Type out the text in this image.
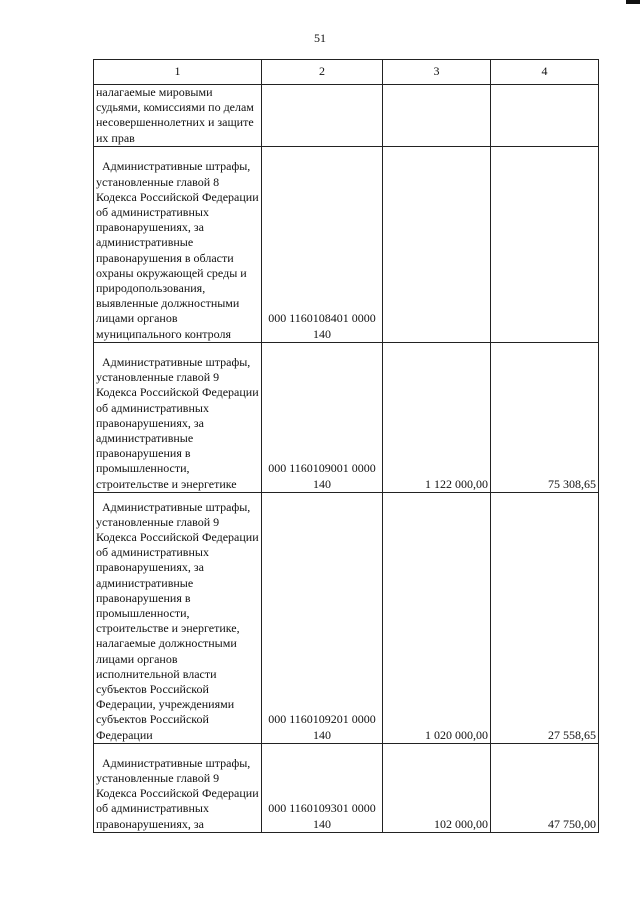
51
1	2	3	4
налагаемые мировыми судьями, комиссиями по делам несовершеннолетних и защите их прав			
Административные штрафы, установленные главой 8 Кодекса Российской Федерации об административных правонарушениях, за административные правонарушения в области охраны окружающей среды и природопользования, выявленные должностными лицами органов муниципального контроля	000 1160108401 0000 140		
Административные штрафы, установленные главой 9 Кодекса Российской Федерации об административных правонарушениях, за административные правонарушения в промышленности, строительстве и энергетике	000 1160109001 0000 140	1 122 000,00	75 308,65
Административные штрафы, установленные главой 9 Кодекса Российской Федерации об административных правонарушениях, за административные правонарушения в промышленности, строительстве и энергетике, налагаемые должностными лицами органов исполнительной власти субъектов Российской Федерации, учреждениями субъектов Российской Федерации	000 1160109201 0000 140	1 020 000,00	27 558,65
Административные штрафы, установленные главой 9 Кодекса Российской Федерации об административных правонарушениях, за	000 1160109301 0000 140	102 000,00	47 750,00
